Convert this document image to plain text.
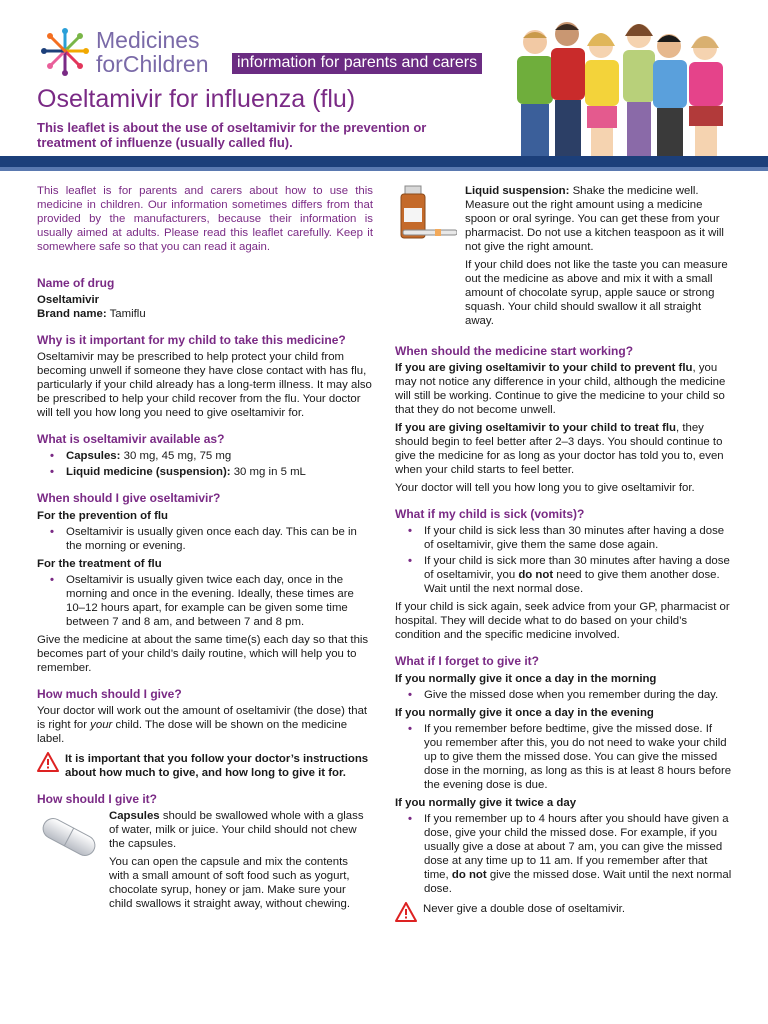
Medicines
forChildren	information for parents and carers
Oseltamivir for influenza (flu)

This leaflet is about the use of oseltamivir for the prevention or treatment of influenze (usually called flu).

This leaflet is for parents and carers about how to use this medicine in children. Our information sometimes differs from that provided by the manufacturers, because their information is usually aimed at adults. Please read this leaflet carefully. Keep it somewhere safe so that you can read it again.

Name of drug

Oseltamivir

Brand name: Tamiflu

Why is it important for my child to take this medicine?

Oseltamivir may be prescribed to help protect your child from becoming unwell if someone they have close contact with has flu, particularly if your child already has a long-term illness. It may also be prescribed to help your child recover from the flu. Your doctor will tell you how long you need to give oseltamivir for.

What is oseltamivir available as?
• Capsules: 30 mg, 45 mg, 75 mg
• Liquid medicine (suspension): 30 mg in 5 mL
When should I give oseltamivir?
For the prevention of flu
• Oseltamivir is usually given once each day. This can be in the morning or evening.
For the treatment of flu
• Oseltamivir is usually given twice each day, once in the morning and once in the evening. Ideally, these times are 10–12 hours apart, for example can be given some time between 7 and 8 am, and between 7 and 8 pm.

Give the medicine at about the same time(s) each day so that this becomes part of your child’s daily routine, which will help you to remember.

How much should I give?

Your doctor will work out the amount of oseltamivir (the dose) that is right for your child. The dose will be shown on the medicine label.

It is important that you follow your doctor’s instructions about how much to give, and how long to give it for.

How should I give it?

Capsules should be swallowed whole with a glass of water, milk or juice. Your child should not chew the capsules.

You can open the capsule and mix the contents with a small amount of soft food such as yogurt, chocolate syrup, honey or jam. Make sure your child swallows it straight away, without chewing.

Liquid suspension: Shake the medicine well. Measure out the right amount using a medicine spoon or oral syringe. You can get these from your pharmacist. Do not use a kitchen teaspoon as it will not give the right amount.

If your child does not like the taste you can measure out the medicine as above and mix it with a small amount of chocolate syrup, apple sauce or strong squash. Your child should swallow it all straight away.

When should the medicine start working?

If you are giving oseltamivir to your child to prevent flu, you may not notice any difference in your child, although the medicine will still be working. Continue to give the medicine to your child so that they do not become unwell.

If you are giving oseltamivir to your child to treat flu, they should begin to feel better after 2–3 days. You should continue to give the medicine for as long as your doctor has told you to, even when your child starts to feel better.

Your doctor will tell you how long you to give oseltamivir for.

What if my child is sick (vomits)?
• If your child is sick less than 30 minutes after having a dose of oseltamivir, give them the same dose again.
• If your child is sick more than 30 minutes after having a dose of oseltamivir, you do not need to give them another dose. Wait until the next normal dose.

If your child is sick again, seek advice from your GP, pharmacist or hospital. They will decide what to do based on your child’s condition and the specific medicine involved.

What if I forget to give it?
If you normally give it once a day in the morning
• Give the missed dose when you remember during the day.
If you normally give it once a day in the evening
• If you remember before bedtime, give the missed dose. If you remember after this, you do not need to wake your child up to give them the missed dose. You can give the missed dose in the morning, as long as this is at least 8 hours before the evening dose is due.
If you normally give it twice a day
• If you remember up to 4 hours after you should have given a dose, give your child the missed dose. For example, if you usually give a dose at about 7 am, you can give the missed dose at any time up to 11 am. If you remember after that time, do not give the missed dose. Wait until the next normal dose.

Never give a double dose of oseltamivir.
